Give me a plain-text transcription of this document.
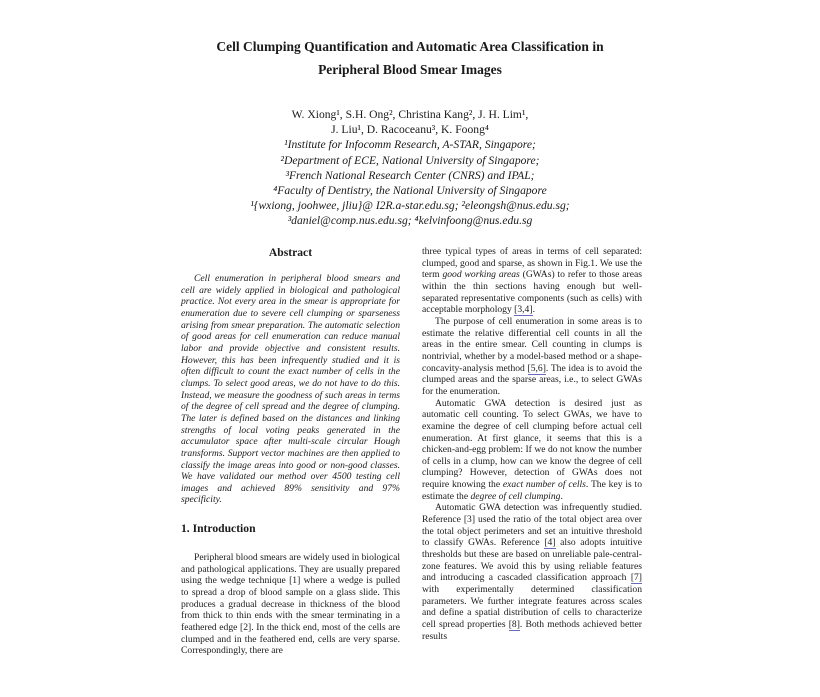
Cell Clumping Quantification and Automatic Area Classification in
Peripheral Blood Smear Images
W. Xiong¹, S.H. Ong², Christina Kang², J. H. Lim¹,
J. Liu¹, D. Racoceanu³, K. Foong⁴
¹Institute for Infocomm Research, A-STAR, Singapore;
²Department of ECE, National University of Singapore;
³French National Research Center (CNRS) and IPAL;
⁴Faculty of Dentistry, the National University of Singapore
¹{wxiong, joohwee, jliu}@ I2R.a-star.edu.sg; ²eleongsh@nus.edu.sg;
³daniel@comp.nus.edu.sg; ⁴kelvinfoong@nus.edu.sg
Abstract

Cell enumeration in peripheral blood smears and cell are widely applied in biological and pathological practice. Not every area in the smear is appropriate for enumeration due to severe cell clumping or sparseness arising from smear preparation. The automatic selection of good areas for cell enumeration can reduce manual labor and provide objective and consistent results. However, this has been infrequently studied and it is often difficult to count the exact number of cells in the clumps. To select good areas, we do not have to do this. Instead, we measure the goodness of such areas in terms of the degree of cell spread and the degree of clumping. The later is defined based on the distances and linking strengths of local voting peaks generated in the accumulator space after multi-scale circular Hough transforms. Support vector machines are then applied to classify the image areas into good or non-good classes. We have validated our method over 4500 testing cell images and achieved 89% sensitivity and 97% specificity.

1. Introduction

Peripheral blood smears are widely used in biological and pathological applications. They are usually prepared using the wedge technique [1] where a wedge is pulled to spread a drop of blood sample on a glass slide. This produces a gradual decrease in thickness of the blood from thick to thin ends with the smear terminating in a feathered edge [2]. In the thick end, most of the cells are clumped and in the feathered end, cells are very sparse. Correspondingly, there are

three typical types of areas in terms of cell separated: clumped, good and sparse, as shown in Fig.1. We use the term good working areas (GWAs) to refer to those areas within the thin sections having enough but well-separated representative components (such as cells) with acceptable morphology [3,4].

The purpose of cell enumeration in some areas is to estimate the relative differential cell counts in all the areas in the entire smear. Cell counting in clumps is nontrivial, whether by a model-based method or a shape-concavity-analysis method [5,6]. The idea is to avoid the clumped areas and the sparse areas, i.e., to select GWAs for the enumeration.

Automatic GWA detection is desired just as automatic cell counting. To select GWAs, we have to examine the degree of cell clumping before actual cell enumeration. At first glance, it seems that this is a chicken-and-egg problem: If we do not know the number of cells in a clump, how can we know the degree of cell clumping? However, detection of GWAs does not require knowing the exact number of cells. The key is to estimate the degree of cell clumping.

Automatic GWA detection was infrequently studied. Reference [3] used the ratio of the total object area over the total object perimeters and set an intuitive threshold to classify GWAs. Reference [4] also adopts intuitive thresholds but these are based on unreliable pale-central-zone features. We avoid this by using reliable features and introducing a cascaded classification approach [7] with experimentally determined classification parameters. We further integrate features across scales and define a spatial distribution of cells to characterize cell spread properties [8]. Both methods achieved better results
